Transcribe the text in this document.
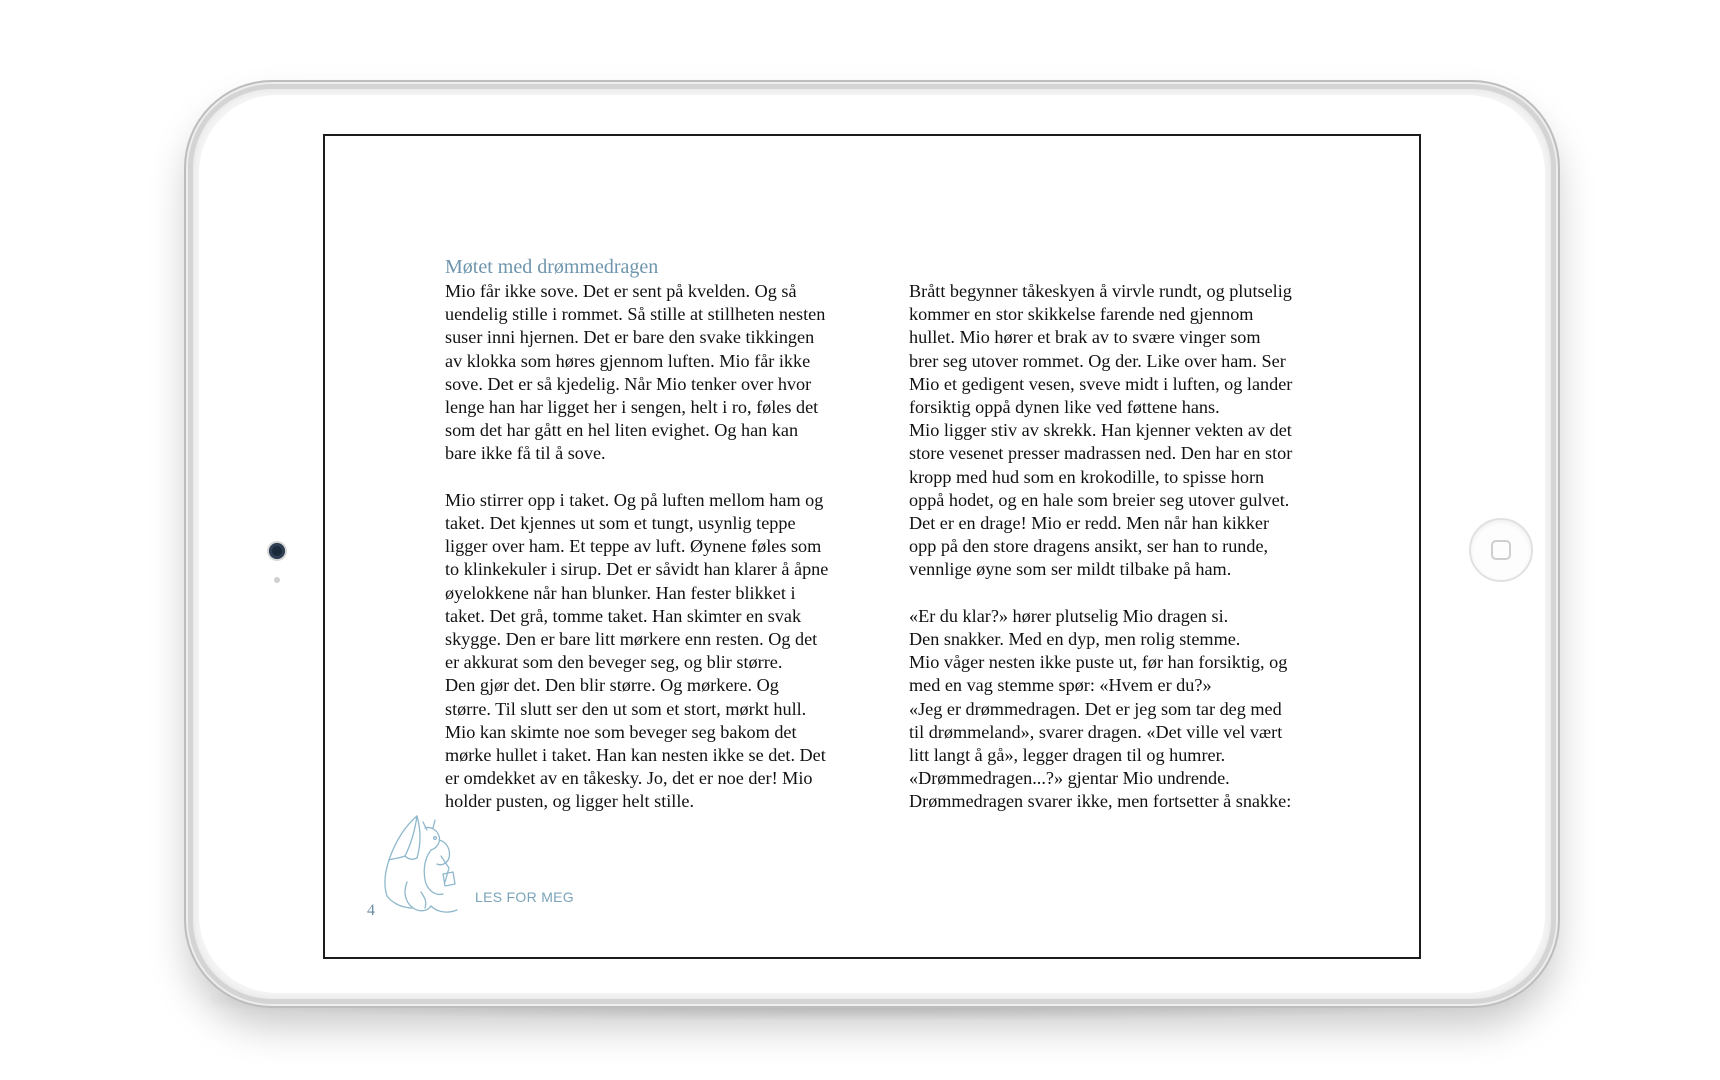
Møtet med drømmedragen
Mio får ikke sove. Det er sent på kvelden. Og så
uendelig stille i rommet. Så stille at stillheten nesten
suser inni hjernen. Det er bare den svake tikkingen
av klokka som høres gjennom luften. Mio får ikke
sove. Det er så kjedelig. Når Mio tenker over hvor
lenge han har ligget her i sengen, helt i ro, føles det
som det har gått en hel liten evighet. Og han kan
bare ikke få til å sove.
Mio stirrer opp i taket. Og på luften mellom ham og
taket. Det kjennes ut som et tungt, usynlig teppe
ligger over ham. Et teppe av luft. Øynene føles som
to klinkekuler i sirup. Det er såvidt han klarer å åpne
øyelokkene når han blunker. Han fester blikket i
taket. Det grå, tomme taket. Han skimter en svak
skygge. Den er bare litt mørkere enn resten. Og det
er akkurat som den beveger seg, og blir større.
Den gjør det. Den blir større. Og mørkere. Og
større. Til slutt ser den ut som et stort, mørkt hull.
Mio kan skimte noe som beveger seg bakom det
mørke hullet i taket. Han kan nesten ikke se det. Det
er omdekket av en tåkesky. Jo, det er noe der! Mio
holder pusten, og ligger helt stille.
Brått begynner tåkeskyen å virvle rundt, og plutselig
kommer en stor skikkelse farende ned gjennom
hullet. Mio hører et brak av to svære vinger som
brer seg utover rommet. Og der. Like over ham. Ser
Mio et gedigent vesen, sveve midt i luften, og lander
forsiktig oppå dynen like ved føttene hans.
Mio ligger stiv av skrekk. Han kjenner vekten av det
store vesenet presser madrassen ned. Den har en stor
kropp med hud som en krokodille, to spisse horn
oppå hodet, og en hale som breier seg utover gulvet.
Det er en drage! Mio er redd. Men når han kikker
opp på den store dragens ansikt, ser han to runde,
vennlige øyne som ser mildt tilbake på ham.
«Er du klar?» hører plutselig Mio dragen si.
Den snakker. Med en dyp, men rolig stemme.
Mio våger nesten ikke puste ut, før han forsiktig, og
med en vag stemme spør: «Hvem er du?»
«Jeg er drømmedragen. Det er jeg som tar deg med
til drømmeland», svarer dragen. «Det ville vel vært
litt langt å gå», legger dragen til og humrer.
«Drømmedragen...?» gjentar Mio undrende.
Drømmedragen svarer ikke, men fortsetter å snakke:
4
LES FOR MEG
